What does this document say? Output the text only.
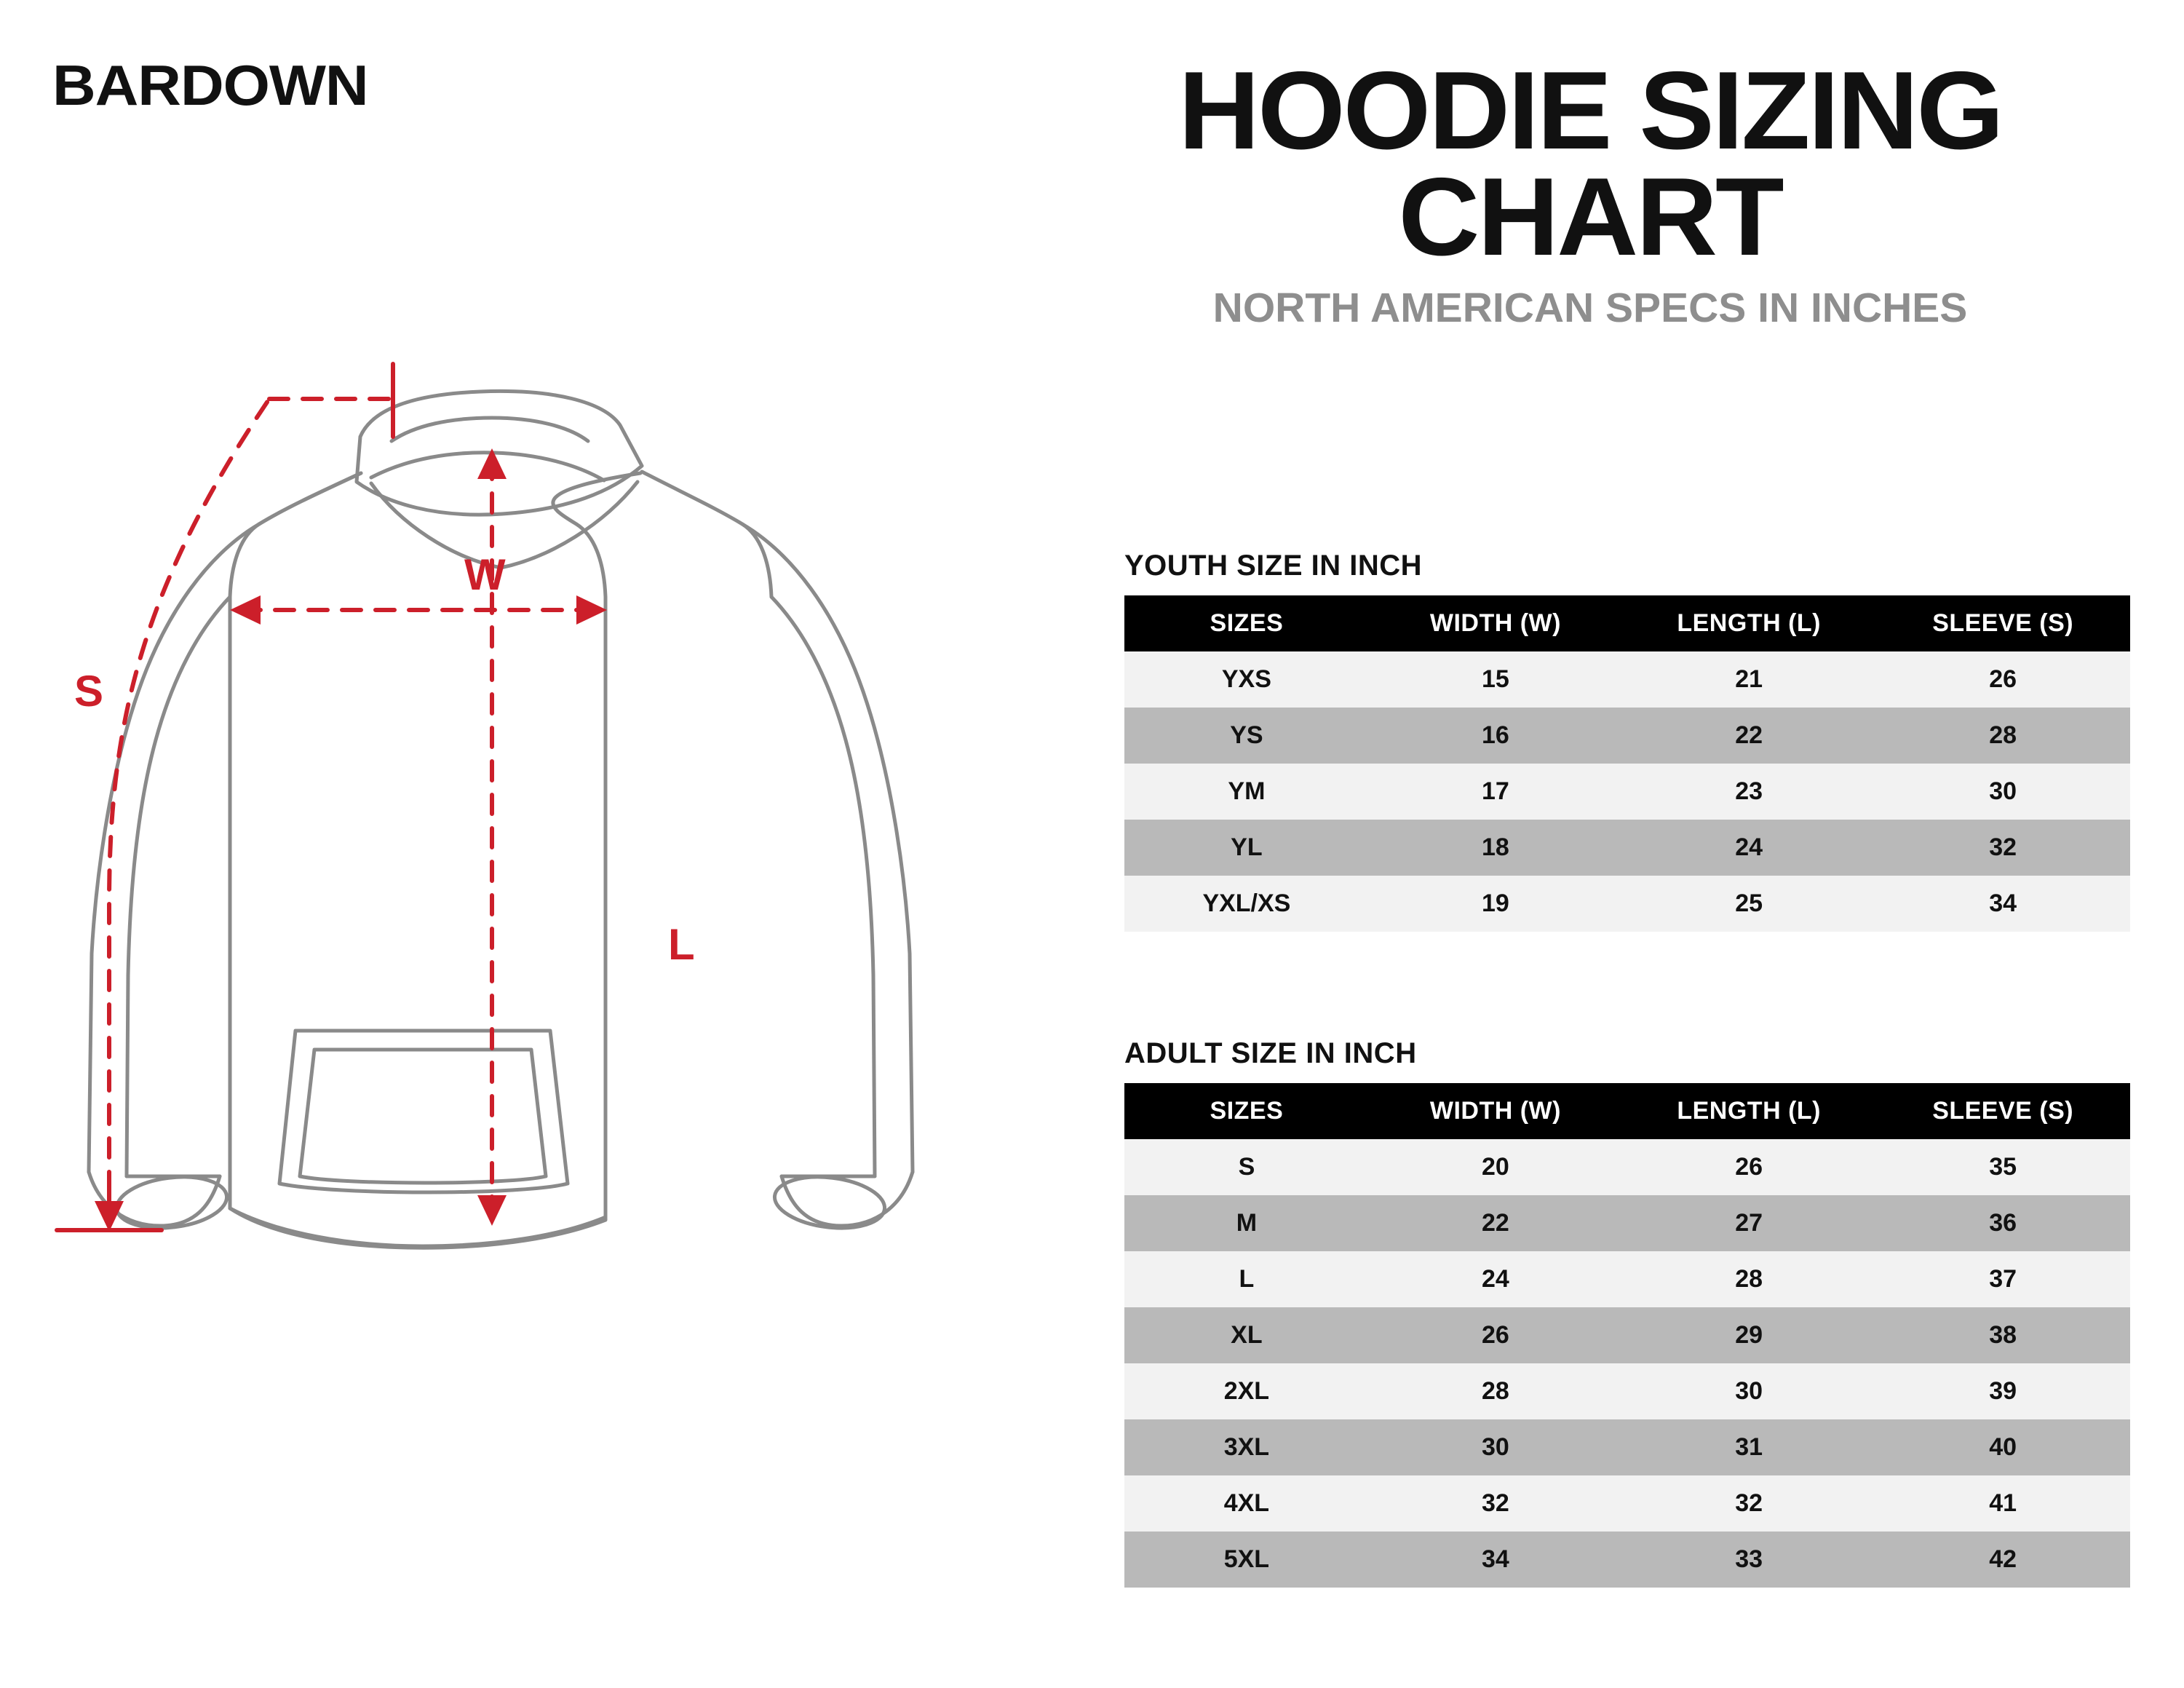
BARDOWN	HOODIE SIZING CHART
NORTH AMERICAN SPECS IN INCHES
S
W
L
YOUTH SIZE IN INCH
SIZES	WIDTH (W)	LENGTH (L)	SLEEVE (S)
YXS	15	21	26
YS	16	22	28
YM	17	23	30
YL	18	24	32
YXL/XS	19	25	34
ADULT SIZE IN INCH
SIZES	WIDTH (W)	LENGTH (L)	SLEEVE (S)
S	20	26	35
M	22	27	36
L	24	28	37
XL	26	29	38
2XL	28	30	39
3XL	30	31	40
4XL	32	32	41
5XL	34	33	42
